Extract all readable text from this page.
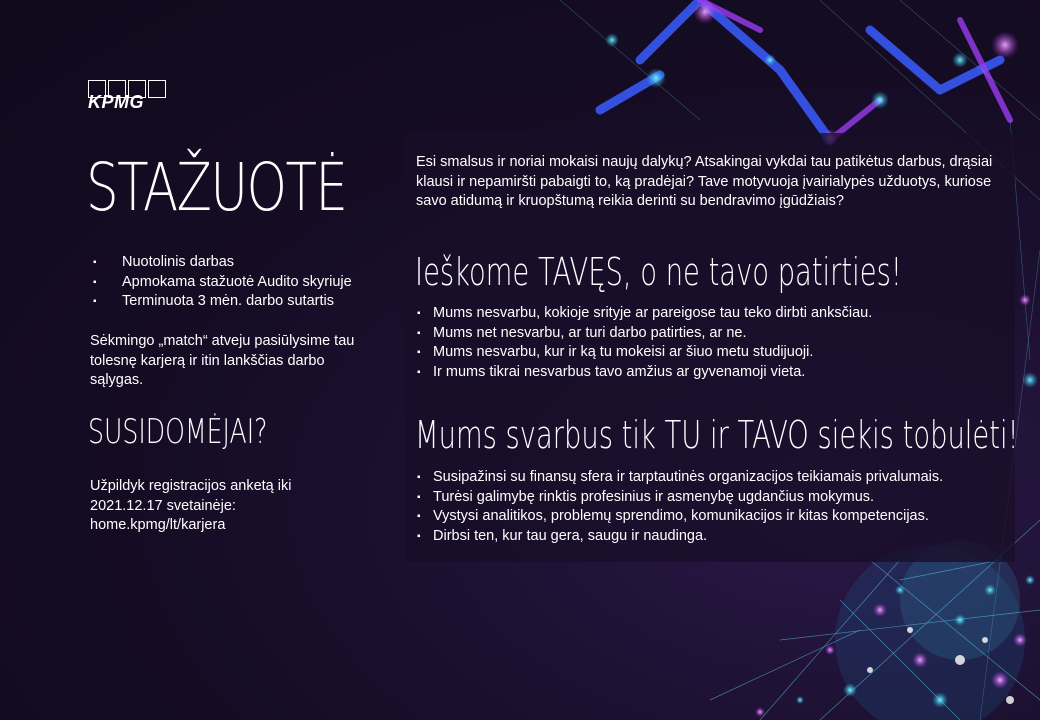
KPMG
STAŽUOTĖ
▪ Nuotolinis darbas
▪ Apmokama stažuotė Audito skyriuje
▪ Terminuota 3 mėn. darbo sutartis
Sėkmingo „match“ atveju pasiūlysime tau tolesnę karjerą ir itin lankščias darbo sąlygas.
SUSIDOMĖJAI?
Užpildyk registracijos anketą iki 2021.12.17 svetainėje: home.kpmg/lt/karjera
Esi smalsus ir noriai mokaisi naujų dalykų? Atsakingai vykdai tau patikėtus darbus, drąsiai klausi ir nepamiršti pabaigti to, ką pradėjai? Tave motyvuoja įvairialypės užduotys, kuriose savo atidumą ir kruopštumą reikia derinti su bendravimo įgūdžiais?
Ieškome TAVĘS, o ne tavo patirties!
▪ Mums nesvarbu, kokioje srityje ar pareigose tau teko dirbti anksčiau.
▪ Mums net nesvarbu, ar turi darbo patirties, ar ne.
▪ Mums nesvarbu, kur ir ką tu mokeisi ar šiuo metu studijuoji.
▪ Ir mums tikrai nesvarbus tavo amžius ar gyvenamoji vieta.
Mums svarbus tik TU ir TAVO siekis tobulėti!
▪ Susipažinsi su finansų sfera ir tarptautinės organizacijos teikiamais privalumais.
▪ Turėsi galimybę rinktis profesinius ir asmenybę ugdančius mokymus.
▪ Vystysi analitikos, problemų sprendimo, komunikacijos ir kitas kompetencijas.
▪ Dirbsi ten, kur tau gera, saugu ir naudinga.
